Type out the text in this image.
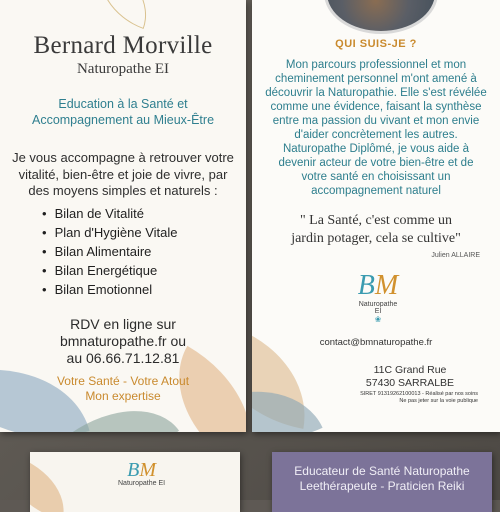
Bernard Morville
Naturopathe EI
Education à la Santé et
Accompagnement au Mieux-Être
Je vous accompagne à retrouver votre
vitalité, bien-être et joie de vivre, par
des moyens simples et naturels :
• Bilan de Vitalité
• Plan d'Hygiène Vitale
• Bilan Alimentaire
• Bilan Energétique
• Bilan Emotionnel
RDV en ligne sur
bmnaturopathe.fr ou
au 06.66.71.12.81
Votre Santé - Votre Atout
Mon expertise
QUI SUIS-JE ?
Mon parcours professionnel et mon
cheminement personnel m'ont amené à
découvrir la Naturopathie. Elle s'est révélée
comme une évidence, faisant la synthèse
entre ma passion du vivant et mon envie
d'aider concrètement les autres.
Naturopathe Diplômé, je vous aide à
devenir acteur de votre bien-être et de
votre santé en choisissant un
accompagnement naturel
" La Santé, c'est comme un
jardin potager, cela se cultive"
Julien ALLAIRE
BM
Naturopathe EI
❀
contact@bmnaturopathe.fr
11C Grand Rue
57430 SARRALBE
SIRET 91319262100013 - Réalisé par nos soins
Ne pas jeter sur la voie publique
BM
Naturopathe EI
Educateur de Santé Naturopathe
Leethérapeute - Praticien Reiki
